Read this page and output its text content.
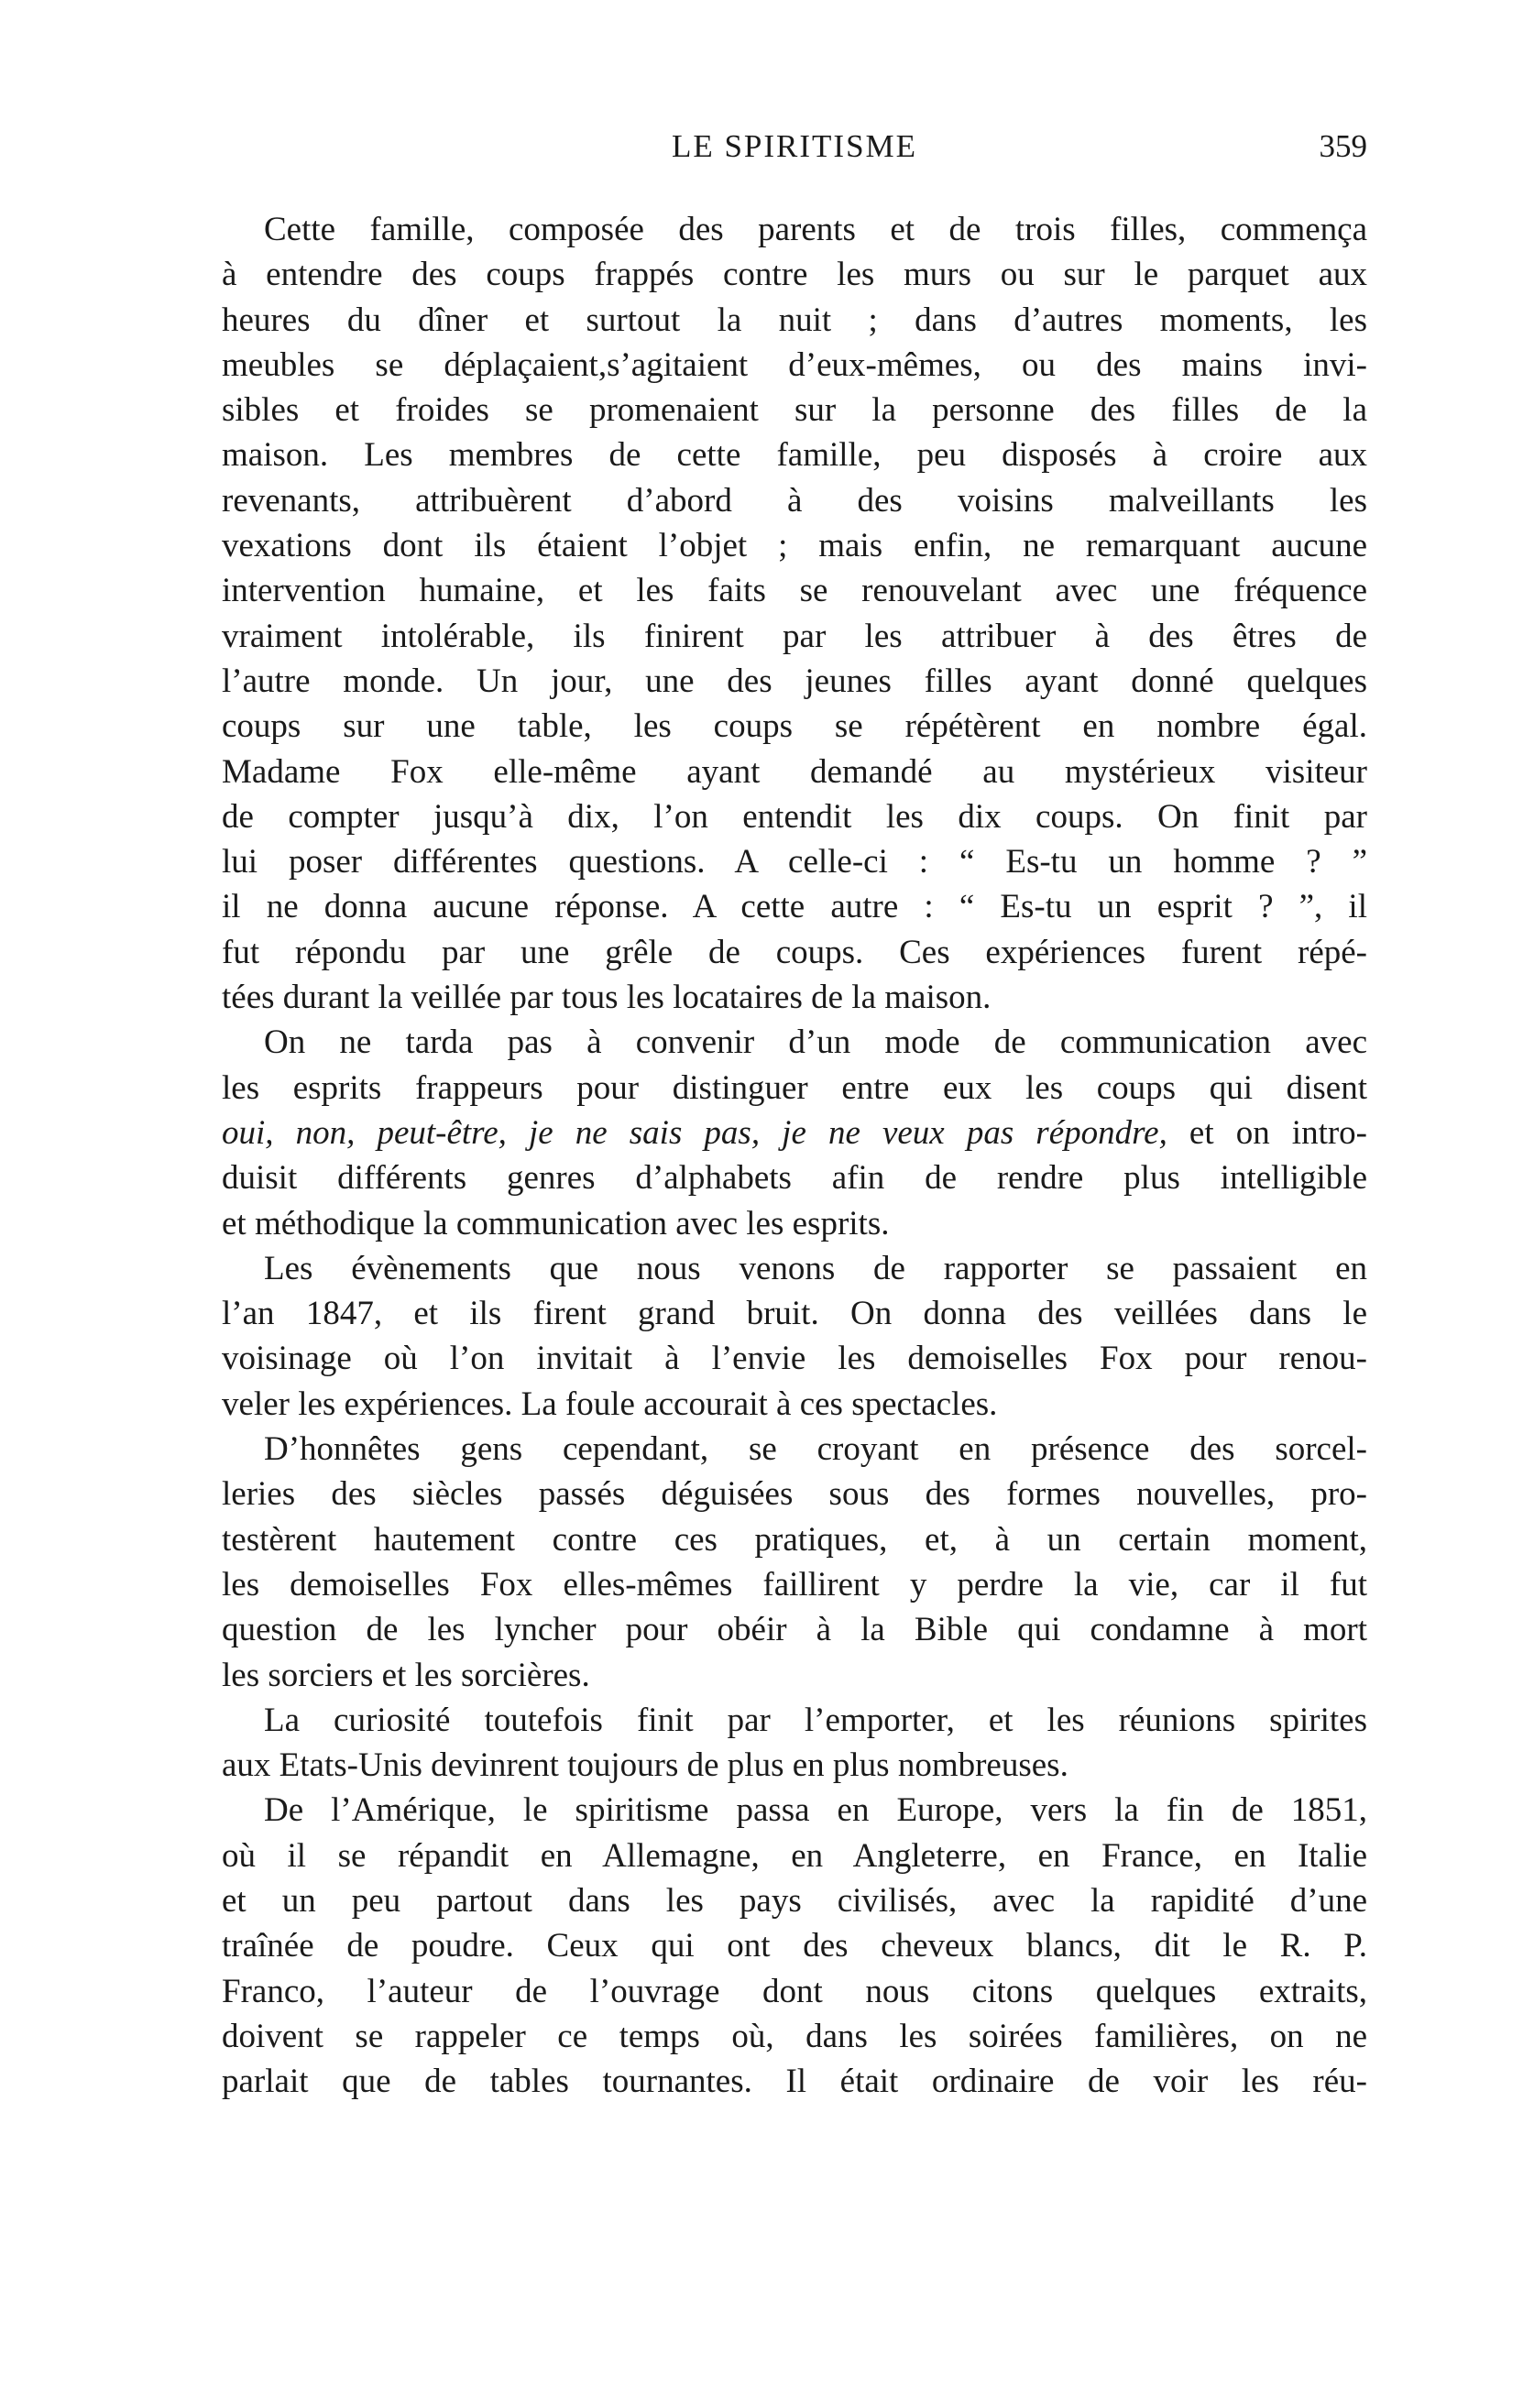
LE SPIRITISME	359
Cette famille, composée des parents et de trois filles, commença
à entendre des coups frappés contre les murs ou sur le parquet aux
heures du dîner et surtout la nuit ; dans d’autres moments, les
meubles se déplaçaient,s’agitaient d’eux-mêmes, ou des mains invi-
sibles et froides se promenaient sur la personne des filles de la
maison. Les membres de cette famille, peu disposés à croire aux
revenants, attribuèrent d’abord à des voisins malveillants les
vexations dont ils étaient l’objet ; mais enfin, ne remarquant aucune
intervention humaine, et les faits se renouvelant avec une fréquence
vraiment intolérable, ils finirent par les attribuer à des êtres de
l’autre monde. Un jour, une des jeunes filles ayant donné quelques
coups sur une table, les coups se répétèrent en nombre égal.
Madame Fox elle-même ayant demandé au mystérieux visiteur
de compter jusqu’à dix, l’on entendit les dix coups. On finit par
lui poser différentes questions. A celle-ci : “ Es-tu un homme ? ”
il ne donna aucune réponse. A cette autre : “ Es-tu un esprit ? ”, il
fut répondu par une grêle de coups. Ces expériences furent répé-
tées durant la veillée par tous les locataires de la maison.
On ne tarda pas à convenir d’un mode de communication avec
les esprits frappeurs pour distinguer entre eux les coups qui disent
oui, non, peut-être, je ne sais pas, je ne veux pas répondre, et on intro-
duisit différents genres d’alphabets afin de rendre plus intelligible
et méthodique la communication avec les esprits.
Les évènements que nous venons de rapporter se passaient en
l’an 1847, et ils firent grand bruit. On donna des veillées dans le
voisinage où l’on invitait à l’envie les demoiselles Fox pour renou-
veler les expériences. La foule accourait à ces spectacles.
D’honnêtes gens cependant, se croyant en présence des sorcel-
leries des siècles passés déguisées sous des formes nouvelles, pro-
testèrent hautement contre ces pratiques, et, à un certain moment,
les demoiselles Fox elles-mêmes faillirent y perdre la vie, car il fut
question de les lyncher pour obéir à la Bible qui condamne à mort
les sorciers et les sorcières.
La curiosité toutefois finit par l’emporter, et les réunions spirites
aux Etats-Unis devinrent toujours de plus en plus nombreuses.
De l’Amérique, le spiritisme passa en Europe, vers la fin de 1851,
où il se répandit en Allemagne, en Angleterre, en France, en Italie
et un peu partout dans les pays civilisés, avec la rapidité d’une
traînée de poudre. Ceux qui ont des cheveux blancs, dit le R. P.
Franco, l’auteur de l’ouvrage dont nous citons quelques extraits,
doivent se rappeler ce temps où, dans les soirées familières, on ne
parlait que de tables tournantes. Il était ordinaire de voir les réu-
